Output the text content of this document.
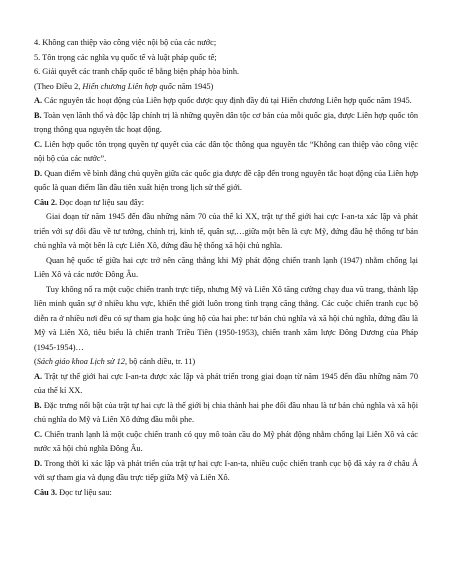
4. Không can thiệp vào công việc nội bộ của các nước;

5. Tôn trọng các nghĩa vụ quốc tế và luật pháp quốc tế;

6. Giải quyết các tranh chấp quốc tế bằng biện pháp hòa bình.

(Theo Điều 2, Hiến chương Liên hợp quốc năm 1945)

A. Các nguyên tắc hoạt động của Liên hợp quốc được quy định đầy đủ tại Hiến chương Liên hợp quốc năm 1945.

B. Toàn vẹn lãnh thổ và độc lập chính trị là những quyền dân tộc cơ bản của mỗi quốc gia, được Liên hợp quốc tôn trọng thông qua nguyên tắc hoạt động.

C. Liên hợp quốc tôn trọng quyền tự quyết của các dân tộc thông qua nguyên tắc “Không can thiệp vào công việc nội bộ của các nước”.

D. Quan điểm về bình đẳng chủ quyền giữa các quốc gia được đề cập đến trong nguyên tắc hoạt động của Liên hợp quốc là quan điểm lần đầu tiên xuất hiện trong lịch sử thế giới.

Câu 2. Đọc đoạn tư liệu sau đây:

Giai đoạn từ năm 1945 đến đầu những năm 70 của thế kỉ XX, trật tự thế giới hai cực I-an-ta xác lập và phát triển với sự đối đầu về tư tưởng, chính trị, kinh tế, quân sự,…giữa một bên là cực Mỹ, đứng đầu hệ thống tư bản chủ nghĩa và một bên là cực Liên Xô, đứng đầu hệ thống xã hội chủ nghĩa.

Quan hệ quốc tế giữa hai cực trở nên căng thẳng khi Mỹ phát động chiến tranh lạnh (1947) nhằm chống lại Liên Xô và các nước Đông Âu.

Tuy không nổ ra một cuộc chiến tranh trực tiếp, nhưng Mỹ và Liên Xô tăng cường chạy đua vũ trang, thành lập liên minh quân sự ở nhiều khu vực, khiến thế giới luôn trong tình trạng căng thẳng. Các cuộc chiến tranh cục bộ diễn ra ở nhiều nơi đều có sự tham gia hoặc ủng hộ của hai phe: tư bản chủ nghĩa và xã hội chủ nghĩa, đứng đầu là Mỹ và Liên Xô, tiêu biểu là chiến tranh Triều Tiên (1950-1953), chiến tranh xâm lược Đông Dương của Pháp (1945-1954)…

(Sách giáo khoa Lịch sử 12, bộ cánh diều, tr. 11)

A. Trật tự thế giới hai cực I-an-ta được xác lập và phát triển trong giai đoạn từ năm 1945 đến đầu những năm 70 của thế kỉ XX.

B. Đặc trưng nổi bật của trật tự hai cực là thế giới bị chia thành hai phe đối đầu nhau là tư bản chủ nghĩa và xã hội chủ nghĩa do Mỹ và Liên Xô đứng đầu mỗi phe.

C. Chiến tranh lạnh là một cuộc chiến tranh có quy mô toàn cầu do Mỹ phát động nhằm chống lại Liên Xô và các nước xã hội chủ nghĩa Đông Âu.

D. Trong thời kì xác lập và phát triển của trật tự hai cực I-an-ta, nhiều cuộc chiến tranh cục bộ đã xảy ra ở châu Á với sự tham gia và đụng đầu trực tiếp giữa Mỹ và Liên Xô.

Câu 3. Đọc tư liệu sau:
